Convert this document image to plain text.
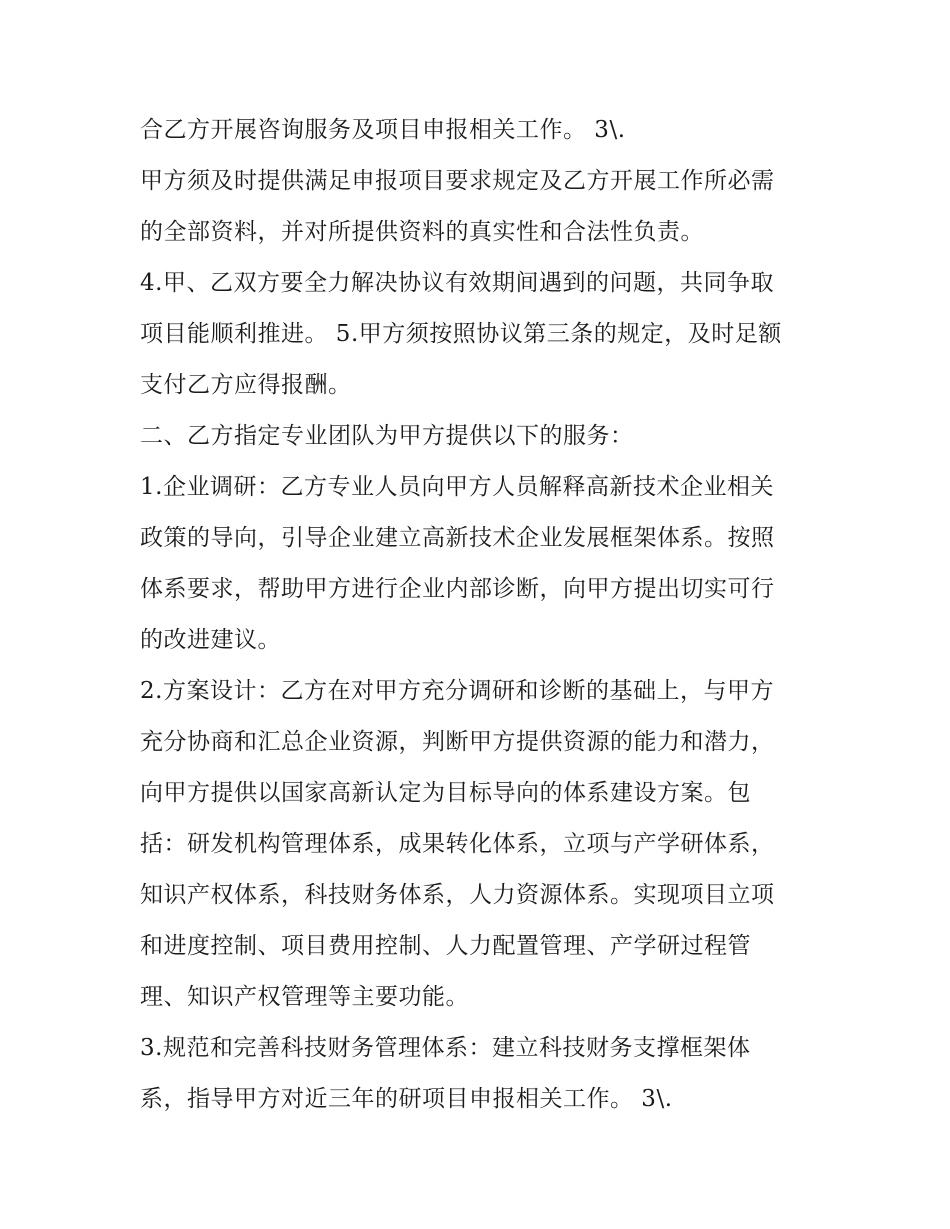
合乙方开展咨询服务及项目申报相关工作。 3\.
甲方须及时提供满足申报项目要求规定及乙方开展工作所必需
的全部资料，并对所提供资料的真实性和合法性负责。
4.甲、乙双方要全力解决协议有效期间遇到的问题，共同争取
项目能顺利推进。 5.甲方须按照协议第三条的规定，及时足额
支付乙方应得报酬。
二、乙方指定专业团队为甲方提供以下的服务：
1.企业调研：乙方专业人员向甲方人员解释高新技术企业相关
政策的导向，引导企业建立高新技术企业发展框架体系。按照
体系要求，帮助甲方进行企业内部诊断，向甲方提出切实可行
的改进建议。
2.方案设计：乙方在对甲方充分调研和诊断的基础上，与甲方
充分协商和汇总企业资源，判断甲方提供资源的能力和潜力，
向甲方提供以国家高新认定为目标导向的体系建设方案。包
括：研发机构管理体系，成果转化体系，立项与产学研体系，
知识产权体系，科技财务体系，人力资源体系。实现项目立项
和进度控制、项目费用控制、人力配置管理、产学研过程管
理、知识产权管理等主要功能。
3.规范和完善科技财务管理体系：建立科技财务支撑框架体
系，指导甲方对近三年的研项目申报相关工作。 3\.
